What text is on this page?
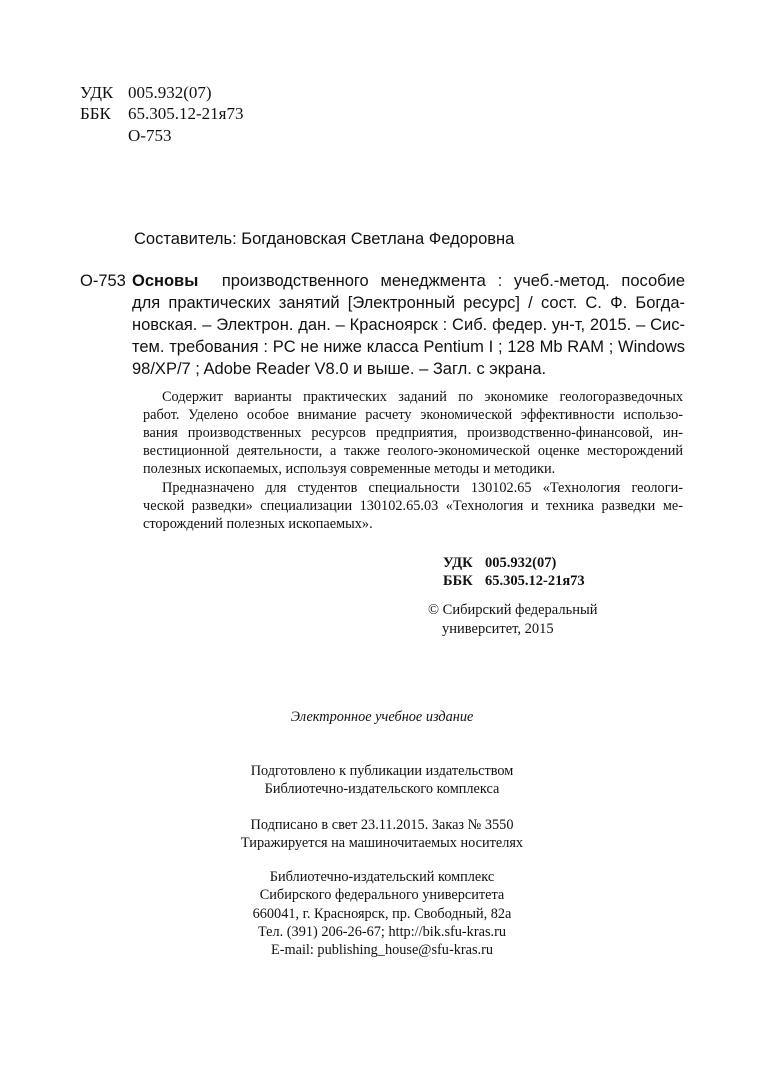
УДК 005.932(07)
ББК 65.305.12-21я73
О-753
Составитель: Богдановская Светлана Федоровна
О-753 Основы производственного менеджмента : учеб.-метод. пособие
для практических занятий [Электронный ресурс] / сост. С. Ф. Богда-
новская. – Электрон. дан. – Красноярск : Сиб. федер. ун-т, 2015. – Сис-
тем. требования : PC не ниже класса Pentium I ; 128 Mb RAM ; Windows
98/XP/7 ; Adobe Reader V8.0 и выше. – Загл. с экрана.
Содержит варианты практических заданий по экономике геологоразведочных
работ. Уделено особое внимание расчету экономической эффективности использо-
вания производственных ресурсов предприятия, производственно-финансовой, ин-
вестиционной деятельности, а также геолого-экономической оценке месторождений
полезных ископаемых, используя современные методы и методики.
Предназначено для студентов специальности 130102.65 «Технология геологи-
ческой разведки» специализации 130102.65.03 «Технология и техника разведки ме-
сторождений полезных ископаемых».
УДК 005.932(07)
ББК 65.305.12-21я73
© Сибирский федеральный
университет, 2015
Электронное учебное издание
Подготовлено к публикации издательством
Библиотечно-издательского комплекса
Подписано в свет 23.11.2015. Заказ № 3550
Тиражируется на машиночитаемых носителях
Библиотечно-издательский комплекс
Сибирского федерального университета
660041, г. Красноярск, пр. Свободный, 82а
Тел. (391) 206-26-67; http://bik.sfu-kras.ru
E-mail: publishing_house@sfu-kras.ru
